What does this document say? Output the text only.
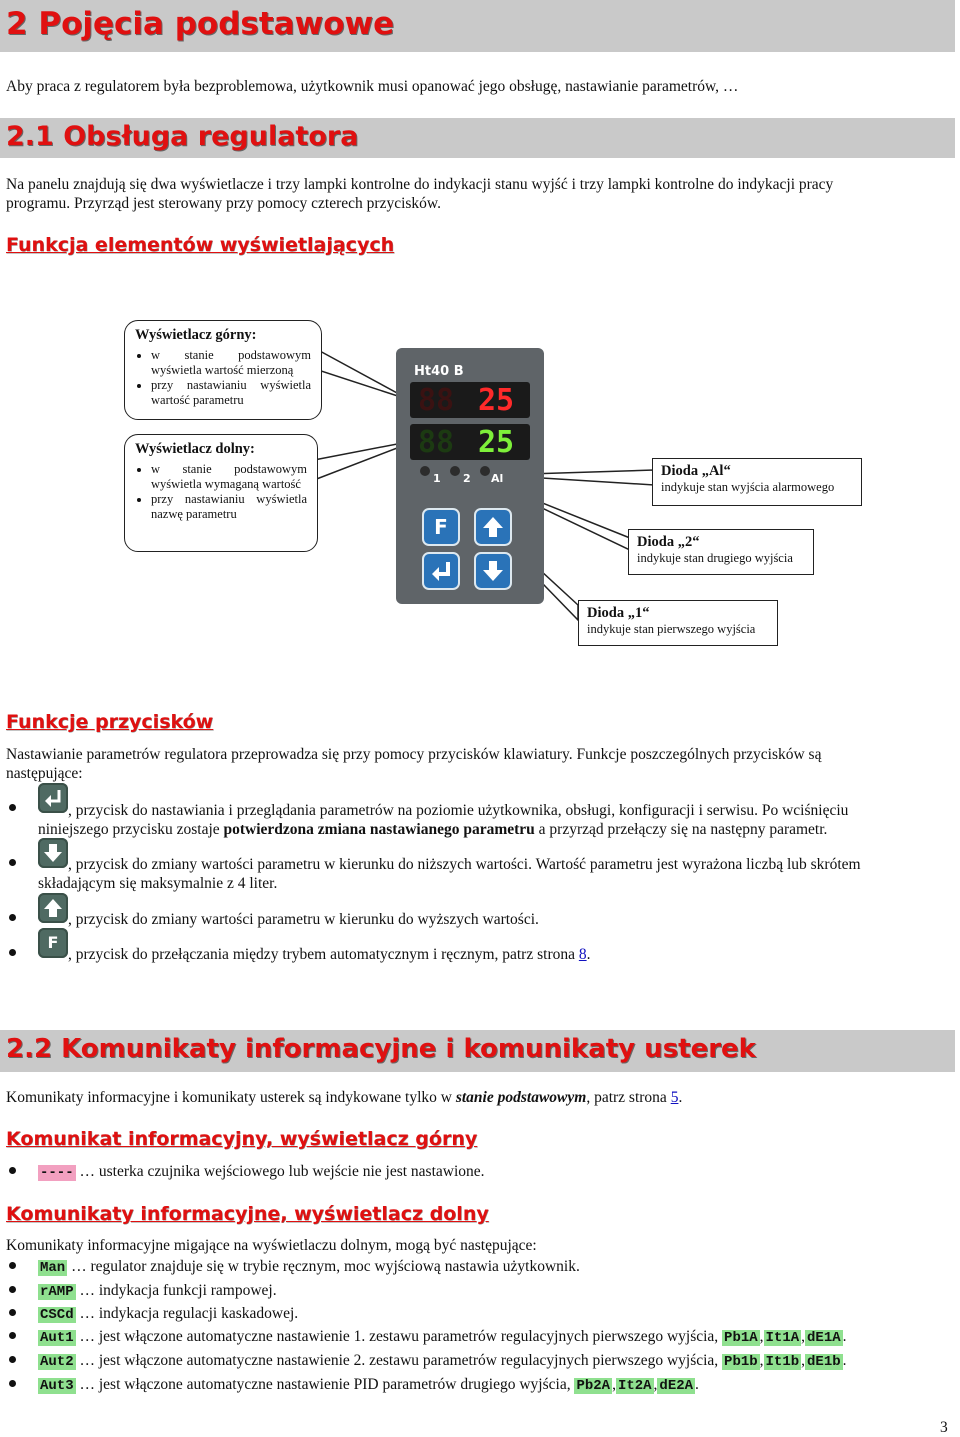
2 Pojęcia podstawowe
Aby praca z regulatorem była bezproblemowa, użytkownik musi opanować jego obsługę, nastawianie parametrów, …
2.1 Obsługa regulatora
Na panelu znajdują się dwa wyświetlacze i trzy lampki kontrolne do indykacji stanu wyjść i trzy lampki kontrolne do indykacji pracy
programu. Przyrząd jest sterowany przy pomocy czterech przycisków.
Funkcja elementów wyświetlających
Ht40 B
88 25
88 25
1 2 Al
F
Wyświetlacz górny:
• w stanie podstawowym wyświetla wartość mierzoną
• przy nastawianiu wyświetla wartość parametru
Wyświetlacz dolny:
• w stanie podstawowym wyświetla wymaganą wartość
• przy nastawianiu wyświetla nazwę parametru
Dioda „Al“
indykuje stan wyjścia alarmowego
Dioda „2“
indykuje stan drugiego wyjścia
Dioda „1“
indykuje stan pierwszego wyjścia
Funkcje przycisków
Nastawianie parametrów regulatora przeprowadza się przy pomocy przycisków klawiatury. Funkcje poszczególnych przycisków są
następujące:
, przycisk do nastawiania i przeglądania parametrów na poziomie użytkownika, obsługi, konfiguracji i serwisu. Po wciśnięciu
niniejszego przycisku zostaje potwierdzona zmiana nastawianego parametru a przyrząd przełączy się na następny parametr.
, przycisk do zmiany wartości parametru w kierunku do niższych wartości. Wartość parametru jest wyrażona liczbą lub skrótem
składającym się maksymalnie z 4 liter.
, przycisk do zmiany wartości parametru w kierunku do wyższych wartości.
F
, przycisk do przełączania między trybem automatycznym i ręcznym, patrz strona 8.
2.2 Komunikaty informacyjne i komunikaty usterek
Komunikaty informacyjne i komunikaty usterek są indykowane tylko w stanie podstawowym, patrz strona 5.
Komunikat informacyjny, wyświetlacz górny
---- … usterka czujnika wejściowego lub wejście nie jest nastawione.
Komunikaty informacyjne, wyświetlacz dolny
Komunikaty informacyjne migające na wyświetlaczu dolnym, mogą być następujące:
Man … regulator znajduje się w trybie ręcznym, moc wyjściową nastawia użytkownik.
rAMP … indykacja funkcji rampowej.
CSCd … indykacja regulacji kaskadowej.
Aut1 … jest włączone automatyczne nastawienie 1. zestawu parametrów regulacyjnych pierwszego wyjścia, Pb1A , It1A , dE1A .
Aut2 … jest włączone automatyczne nastawienie 2. zestawu parametrów regulacyjnych pierwszego wyjścia, Pb1b , It1b , dE1b .
Aut3 … jest włączone automatyczne nastawienie PID parametrów drugiego wyjścia, Pb2A , It2A , dE2A .
3
